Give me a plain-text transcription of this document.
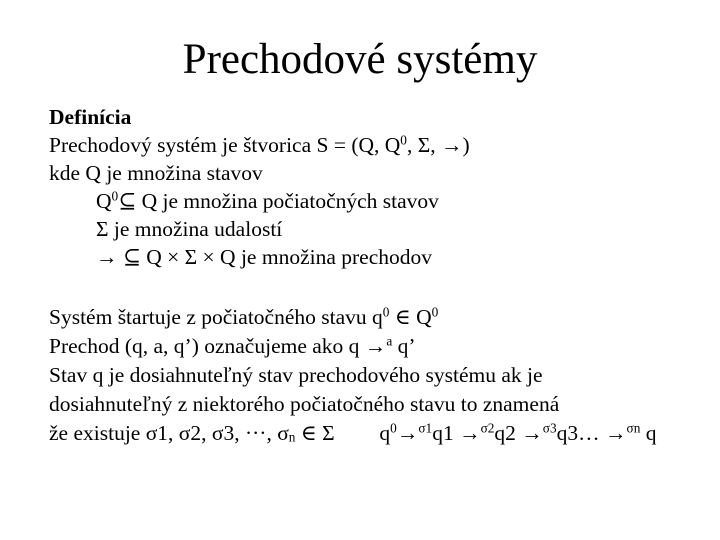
Prechodové systémy
Definícia
Prechodový systém je štvorica S = (Q, $Q^0$, Σ, →)
kde Q je množina stavov
$Q^0⊆$ Q je množina počiatočných stavov
Σ je množina udalostí
→ ⊆ Q × Σ × Q je množina prechodov
Systém štartuje z počiatočného stavu $q^0$ ∈ $Q^0$
Prechod (q, a, q’) označujeme ako q →$^a$ q’
Stav q je dosiahnuteľný stav prechodového systému ak je
dosiahnuteľný z niektorého počiatočného stavu to znamená
že existuje σ1, σ2, σ3, ···, $\sigma_n$ ∈ Σ $q^0\to^{\sigma 1}q1 \to^{\sigma 2}q2$ →$^{\sigma 3}$q3… →$^{\sigma n}$ q
